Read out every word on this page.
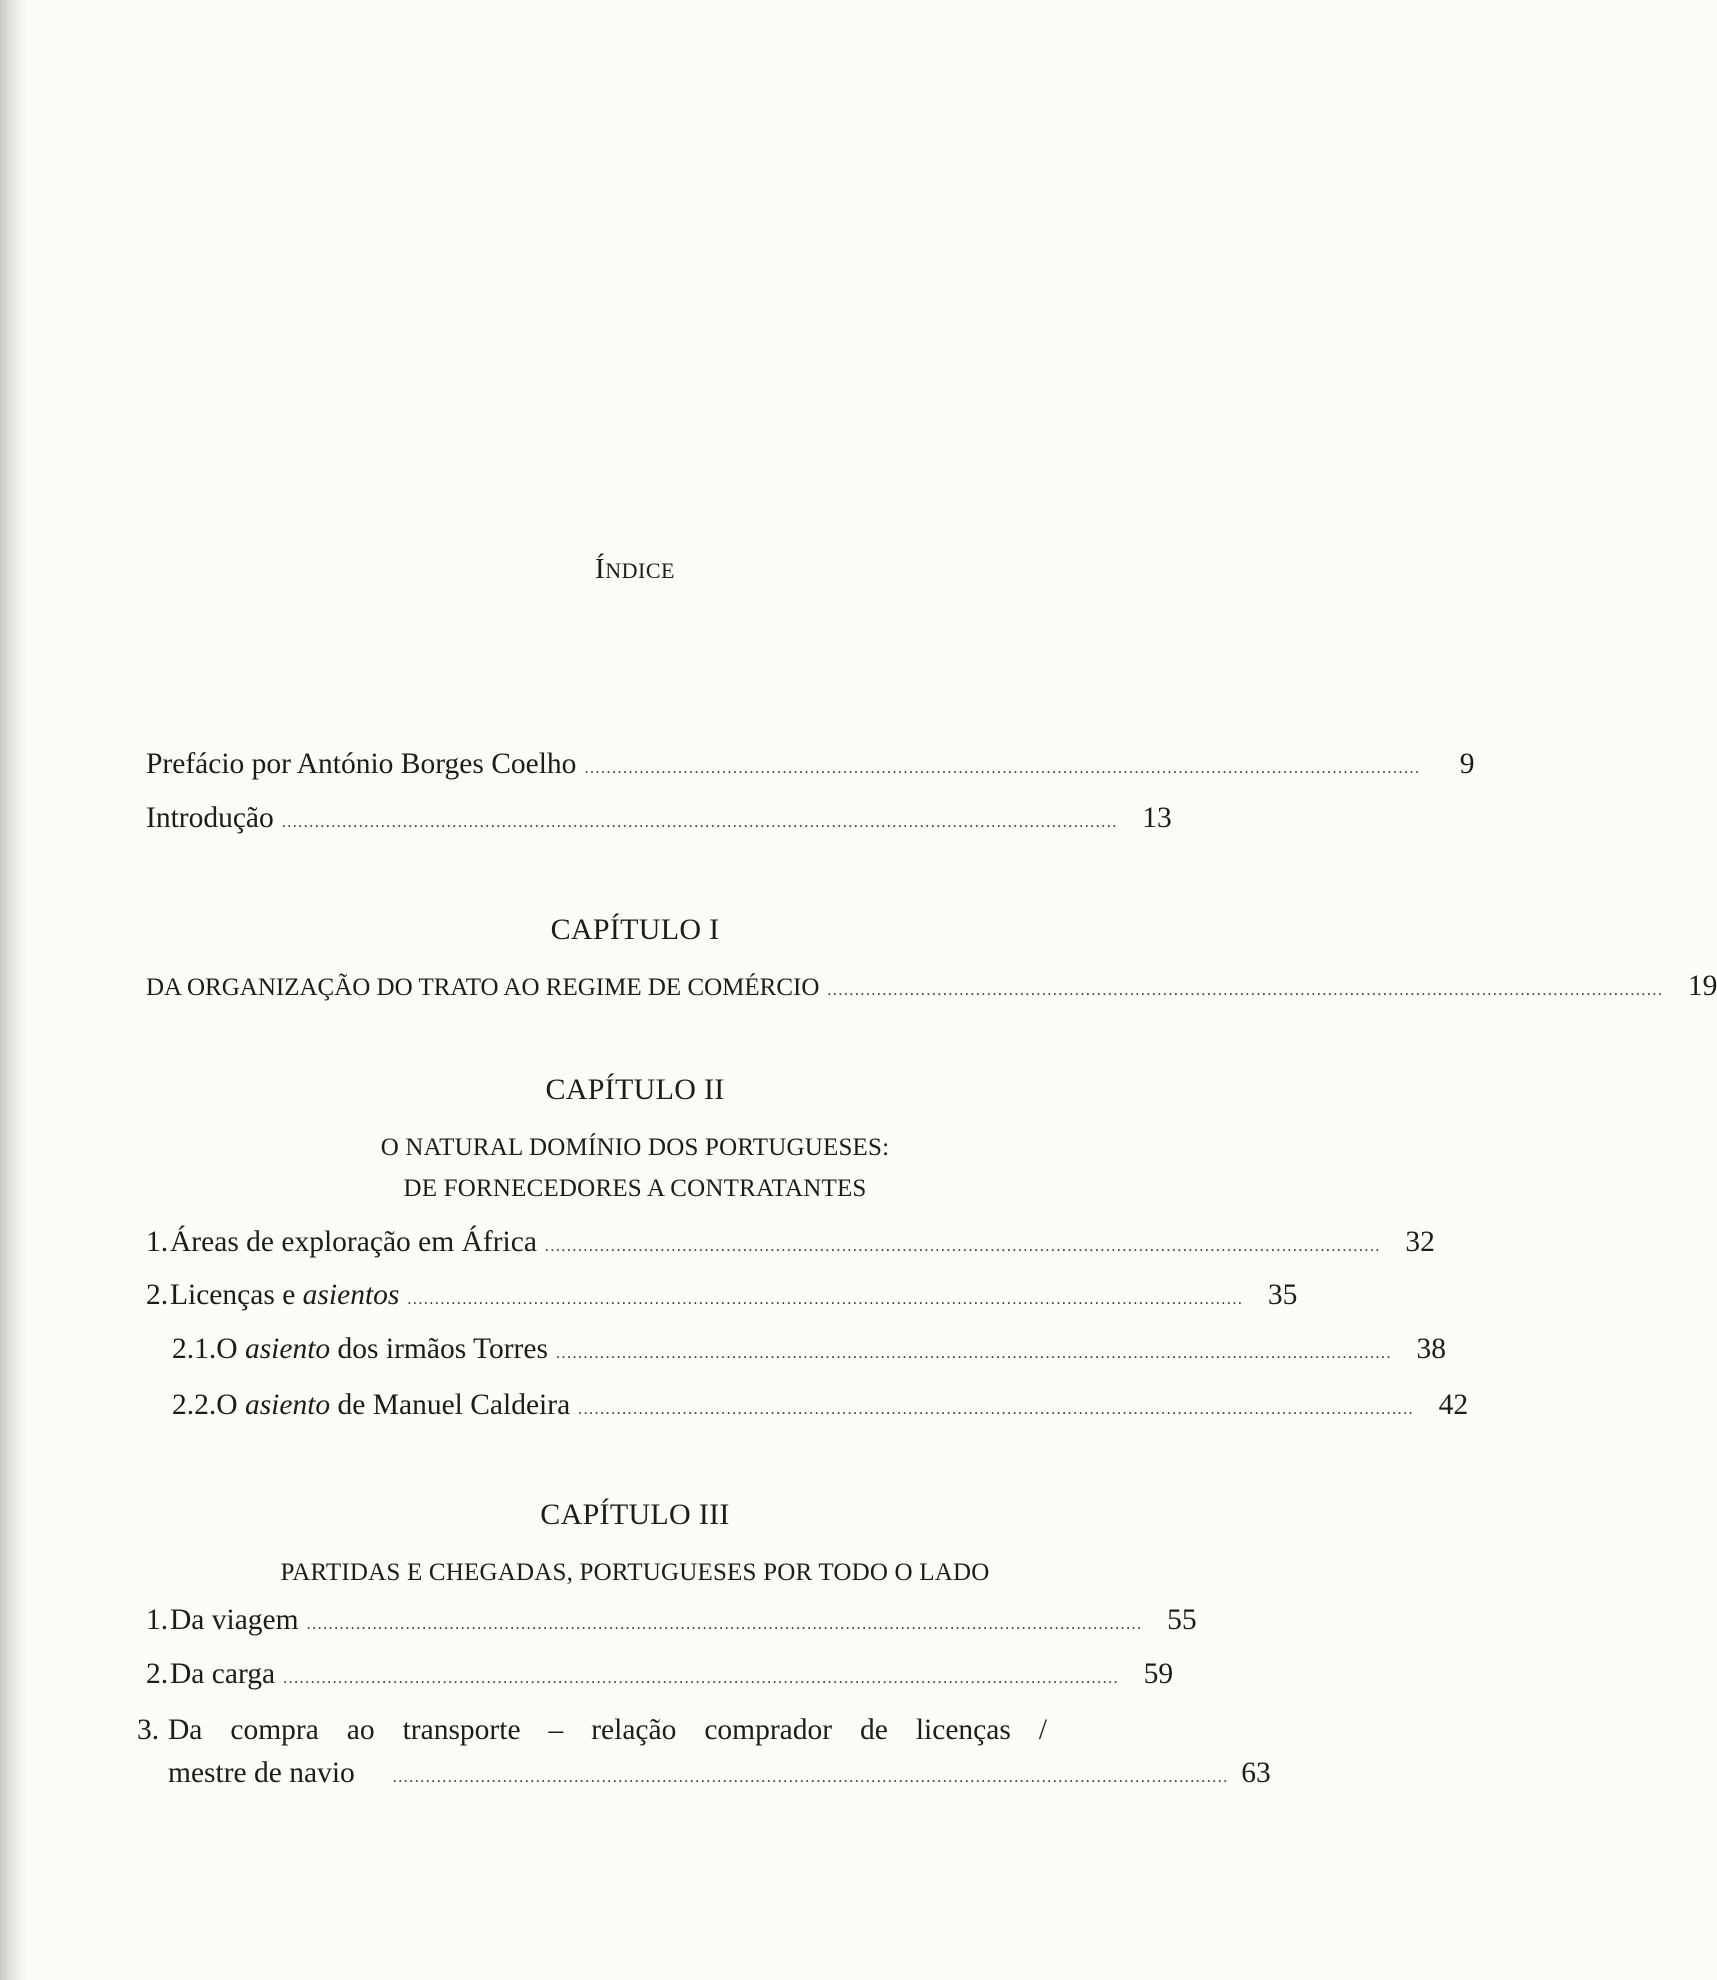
ÍNDICE
Prefácio por António Borges Coelho ........................................................................................................................................................	9
Introdução ........................................................................................................................................................ 13
CAPÍTULO I
DA ORGANIZAÇÃO DO TRATO AO REGIME DE COMÉRCIO ........................................................................................................................................................ 19
CAPÍTULO II
O NATURAL DOMÍNIO DOS PORTUGUESES:
DE FORNECEDORES A CONTRATANTES
1.Áreas de exploração em África ........................................................................................................................................................ 32
2.Licenças e asientos ........................................................................................................................................................ 35
2.1.O asiento dos irmãos Torres ........................................................................................................................................................ 38
2.2.O asiento de Manuel Caldeira ........................................................................................................................................................ 42
CAPÍTULO III
PARTIDAS E CHEGADAS, PORTUGUESES POR TODO O LADO
1.Da viagem ........................................................................................................................................................ 55
2.Da carga ........................................................................................................................................................ 59
3. Da compra ao transporte – relação comprador de licenças /
mestre de navio ........................................................................................................................................................ 63
